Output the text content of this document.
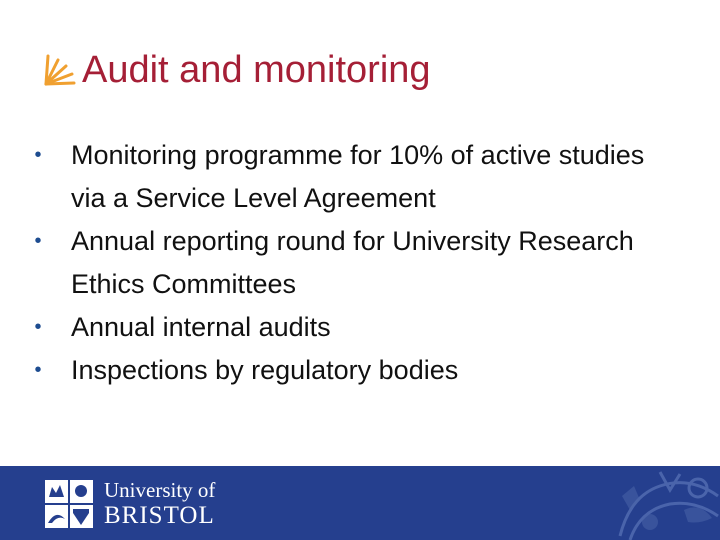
Audit and monitoring
• Monitoring programme for 10% of active studies via a Service Level Agreement
• Annual reporting round for University Research Ethics Committees
• Annual internal audits
• Inspections by regulatory bodies
University of
BRISTOL
